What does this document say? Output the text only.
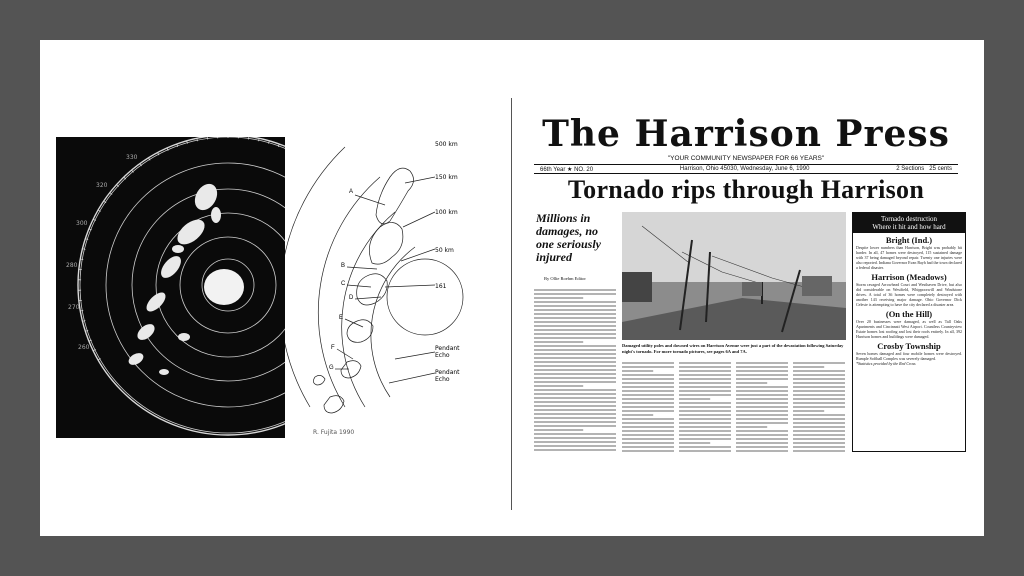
330
320
300
280
270
260
500 km
150 km
100 km
50 km
161
Pendant Echo
Pendant Echo
A
B
C
D
E
F
G
R. Fujita 1990
The Harrison Press
"YOUR COMMUNITY NEWSPAPER FOR 66 YEARS"
66th Year ★ NO. 20	Harrison, Ohio 45030, Wednesday, June 6, 1990	2 Sections 25 cents
Tornado rips through Harrison
Millions in damages, no one seriously injured
By Ollie Roehm Editor
Damaged utility poles and downed wires on Harrison Avenue were just a part of the devastation following Saturday night's tornado. For more tornado pictures, see pages 6A and 7A.
Tornado destruction
Where it hit and how hard
Bright (Ind.)
Despite lower numbers than Harrison, Bright was probably hit harder. In all, 47 homes were destroyed, 115 sustained damage with 37 being damaged beyond repair. Twenty one injuries were also reported. Indiana Governor Evan Bayh had the town declared a federal disaster.
Harrison (Meadows)
Storm ravaged Arrowhead Court and Westhaven Drive, but also did considerable on Westfield, Whippoorwill and Windstone drives. A total of 36 homes were completely destroyed with another 143 receiving major damage. Ohio Governor Dick Celeste is attempting to have the city declared a disaster area.
(On the Hill)
Over 20 businesses were damaged, as well as Tall Oaks Apartments and Cincinnati West Airport. Countless Countryview Estate homes lost roofing and lost their roofs entirely. In all, 392 Harrison homes and buildings were damaged.
Crosby Township
Seven homes damaged and four mobile homes were destroyed. Rumple Softball Complex was severely damaged.
*Statistics provided by the Red Cross
